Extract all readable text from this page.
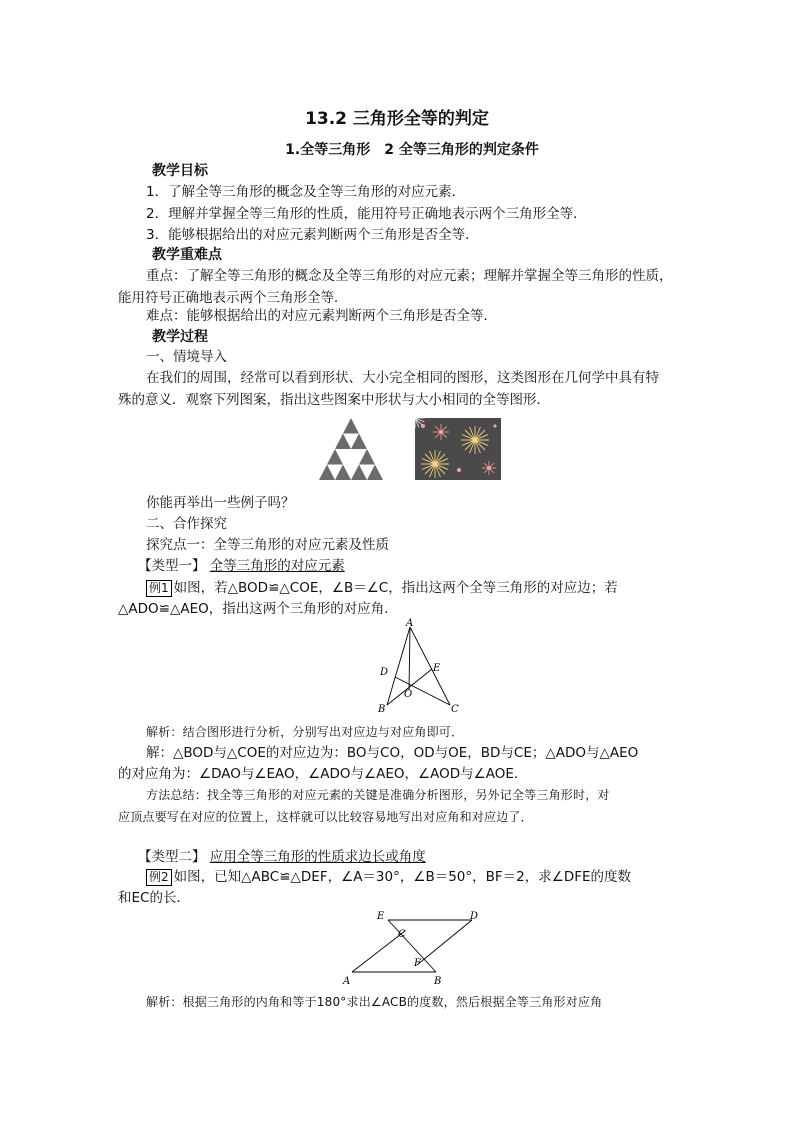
13.2 三角形全等的判定
1.全等三角形　2 全等三角形的判定条件
教学目标
1．了解全等三角形的概念及全等三角形的对应元素．
2．理解并掌握全等三角形的性质，能用符号正确地表示两个三角形全等．
3．能够根据给出的对应元素判断两个三角形是否全等．
教学重难点
重点：了解全等三角形的概念及全等三角形的对应元素；理解并掌握全等三角形的性质，
能用符号正确地表示两个三角形全等．
难点：能够根据给出的对应元素判断两个三角形是否全等．
教学过程
一、情境导入
在我们的周围，经常可以看到形状、大小完全相同的图形，这类图形在几何学中具有特
殊的意义．观察下列图案，指出这些图案中形状与大小相同的全等图形．
你能再举出一些例子吗？
二、合作探究
探究点一：全等三角形的对应元素及性质
【类型一】 全等三角形的对应元素
例1 如图，若△BOD≌△COE，∠B＝∠C，指出这两个全等三角形的对应边；若
△ADO≌△AEO，指出这两个三角形的对应角．
A
D	E
O
B	C
解析：结合图形进行分析，分别写出对应边与对应角即可．
解：△BOD与△COE的对应边为：BO与CO，OD与OE，BD与CE；△ADO与△AEO
的对应角为：∠DAO与∠EAO，∠ADO与∠AEO，∠AOD与∠AOE．
方法总结：找全等三角形的对应元素的关键是准确分析图形，另外记全等三角形时，对
应顶点要写在对应的位置上，这样就可以比较容易地写出对应角和对应边了．
【类型二】 应用全等三角形的性质求边长或角度
例2 如图，已知△ABC≌△DEF，∠A＝30°，∠B＝50°，BF＝2，求∠DFE的度数
和EC的长．
E	D
C
F
A	B
解析：根据三角形的内角和等于180°求出∠ACB的度数，然后根据全等三角形对应角
